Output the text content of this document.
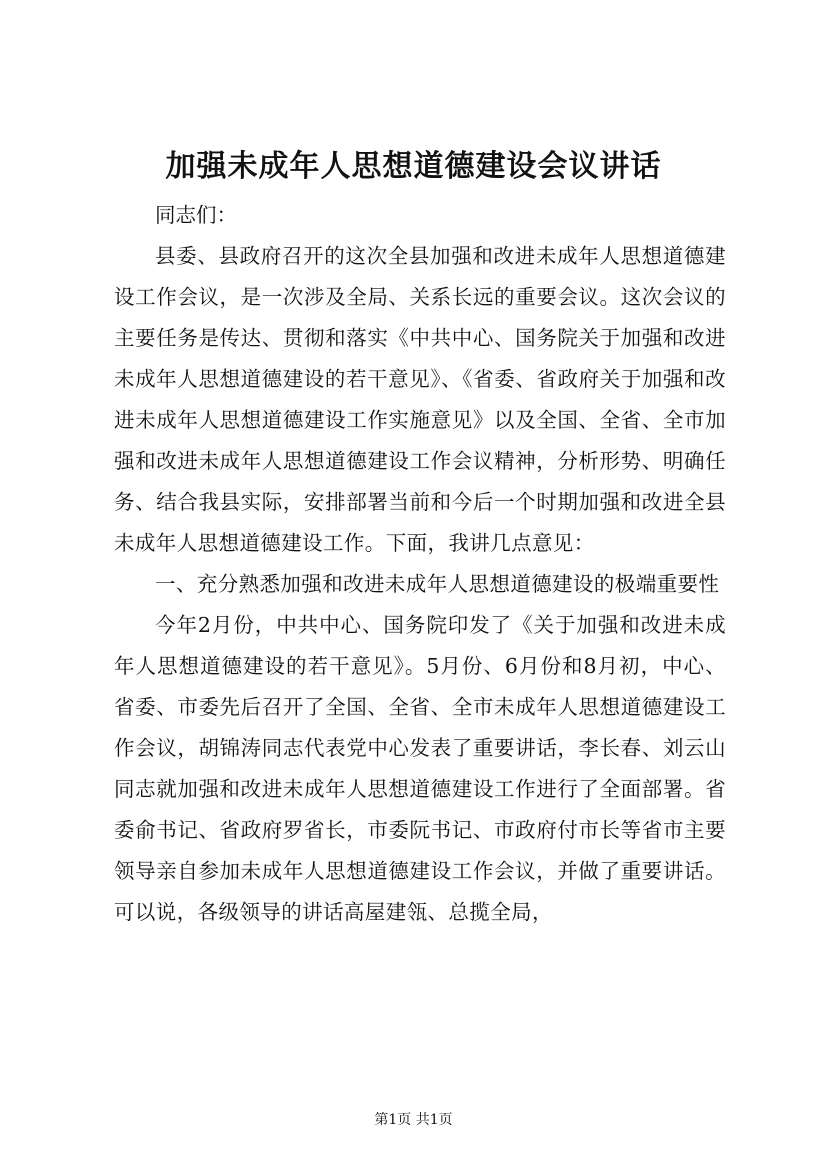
加强未成年人思想道德建设会议讲话

同志们：

县委、县政府召开的这次全县加强和改进未成年人思想道德建设工作会议，是一次涉及全局、关系长远的重要会议。这次会议的主要任务是传达、贯彻和落实《中共中心、国务院关于加强和改进未成年人思想道德建设的若干意见》、《省委、省政府关于加强和改进未成年人思想道德建设工作实施意见》以及全国、全省、全市加强和改进未成年人思想道德建设工作会议精神，分析形势、明确任务、结合我县实际，安排部署当前和今后一个时期加强和改进全县未成年人思想道德建设工作。下面，我讲几点意见：

一、充分熟悉加强和改进未成年人思想道德建设的极端重要性

今年2月份，中共中心、国务院印发了《关于加强和改进未成年人思想道德建设的若干意见》。5月份、6月份和8月初，中心、省委、市委先后召开了全国、全省、全市未成年人思想道德建设工作会议，胡锦涛同志代表党中心发表了重要讲话，李长春、刘云山同志就加强和改进未成年人思想道德建设工作进行了全面部署。省委俞书记、省政府罗省长，市委阮书记、市政府付市长等省市主要领导亲自参加未成年人思想道德建设工作会议，并做了重要讲话。可以说，各级领导的讲话高屋建瓴、总揽全局，

第1页 共1页
